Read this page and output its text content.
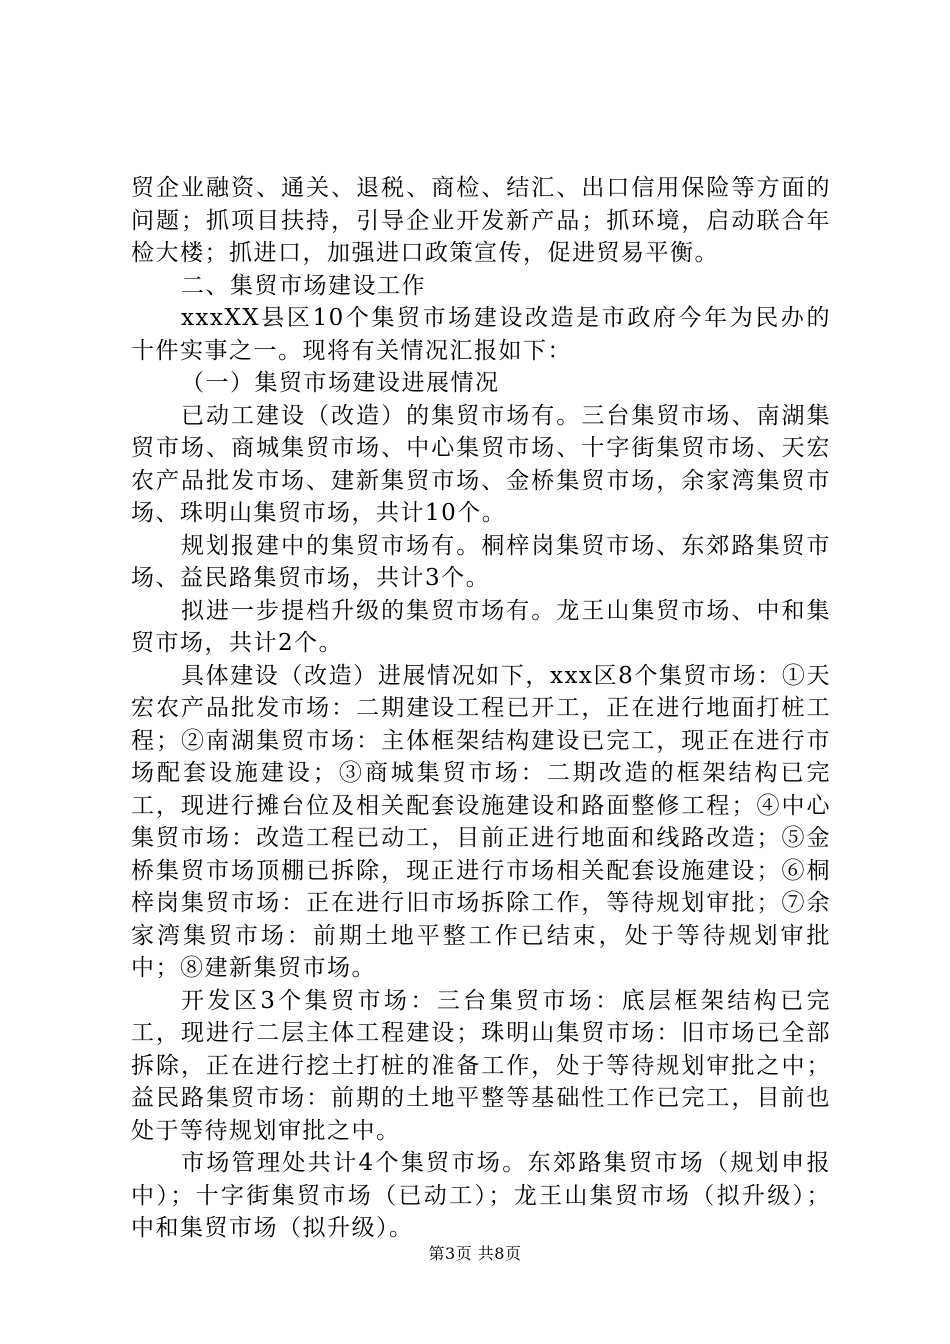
贸企业融资、通关、退税、商检、结汇、出口信用保险等方面的问题；抓项目扶持，引导企业开发新产品；抓环境，启动联合年检大楼；抓进口，加强进口政策宣传，促进贸易平衡。

二、集贸市场建设工作

xxxXX县区10个集贸市场建设改造是市政府今年为民办的十件实事之一。现将有关情况汇报如下：

（一）集贸市场建设进展情况

已动工建设（改造）的集贸市场有。三台集贸市场、南湖集贸市场、商城集贸市场、中心集贸市场、十字街集贸市场、天宏农产品批发市场、建新集贸市场、金桥集贸市场，余家湾集贸市场、珠明山集贸市场，共计10个。

规划报建中的集贸市场有。桐梓岗集贸市场、东郊路集贸市场、益民路集贸市场，共计3个。

拟进一步提档升级的集贸市场有。龙王山集贸市场、中和集贸市场，共计2个。

具体建设（改造）进展情况如下，xxx区8个集贸市场：①天宏农产品批发市场：二期建设工程已开工，正在进行地面打桩工程；②南湖集贸市场：主体框架结构建设已完工，现正在进行市场配套设施建设；③商城集贸市场：二期改造的框架结构已完工，现进行摊台位及相关配套设施建设和路面整修工程；④中心集贸市场：改造工程已动工，目前正进行地面和线路改造；⑤金桥集贸市场顶棚已拆除，现正进行市场相关配套设施建设；⑥桐梓岗集贸市场：正在进行旧市场拆除工作，等待规划审批；⑦余家湾集贸市场：前期土地平整工作已结束，处于等待规划审批中；⑧建新集贸市场。

开发区3个集贸市场：三台集贸市场：底层框架结构已完工，现进行二层主体工程建设；珠明山集贸市场：旧市场已全部拆除，正在进行挖土打桩的准备工作，处于等待规划审批之中；益民路集贸市场：前期的土地平整等基础性工作已完工，目前也处于等待规划审批之中。

市场管理处共计4个集贸市场。东郊路集贸市场（规划申报中）；十字街集贸市场（已动工）；龙王山集贸市场（拟升级）；中和集贸市场（拟升级）。

第3页 共8页
